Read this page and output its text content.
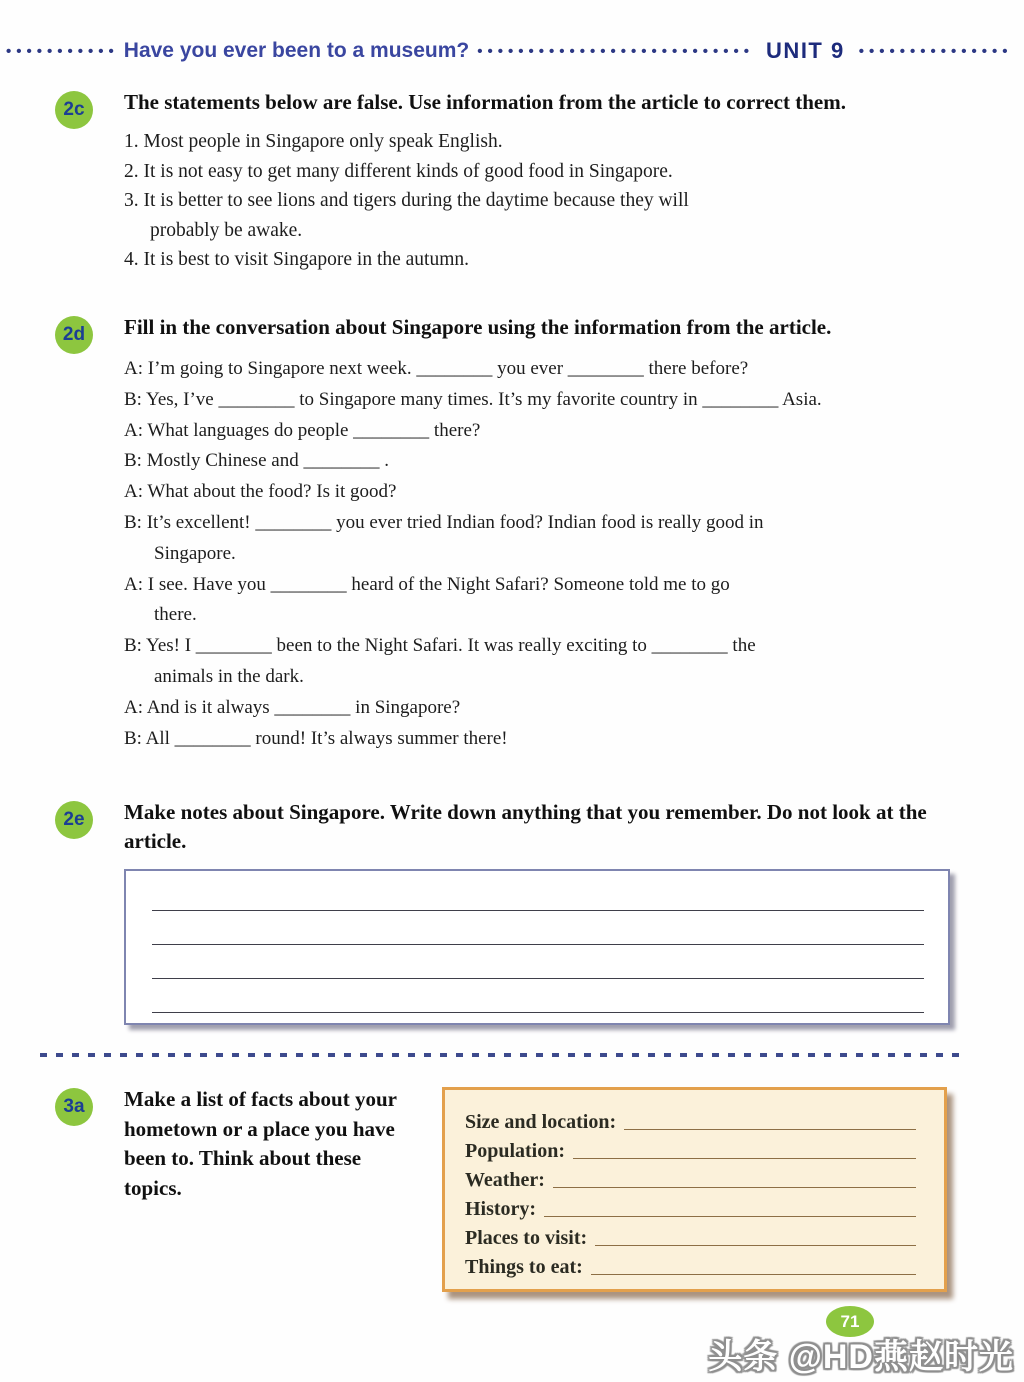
••••••••••• Have you ever been to a museum? ••••••••••••••••••••••••••• UNIT 9 •••••••••••••••
2c	The statements below are false. Use information from the article to correct them.

1. Most people in Singapore only speak English.

2. It is not easy to get many different kinds of good food in Singapore.

3. It is better to see lions and tigers during the daytime because they will

probably be awake.

4. It is best to visit Singapore in the autumn.

2d	Fill in the conversation about Singapore using the information from the article.

A: I’m going to Singapore next week. ________ you ever ________ there before?

B: Yes, I’ve ________ to Singapore many times. It’s my favorite country in ________ Asia.

A: What languages do people ________ there?

B: Mostly Chinese and ________ .

A: What about the food? Is it good?

B: It’s excellent! ________ you ever tried Indian food? Indian food is really good in

Singapore.

A: I see. Have you ________ heard of the Night Safari? Someone told me to go

there.

B: Yes! I ________ been to the Night Safari. It was really exciting to ________ the

animals in the dark.

A: And is it always ________ in Singapore?

B: All ________ round! It’s always summer there!

2e	Make notes about Singapore. Write down anything that you remember. Do not look at the article.
3a	Make a list of facts about your hometown or a place you have been to. Think about these topics.
Size and location:
Population:
Weather:
History:
Places to visit:
Things to eat:
71
头条 @HD燕赵时光
